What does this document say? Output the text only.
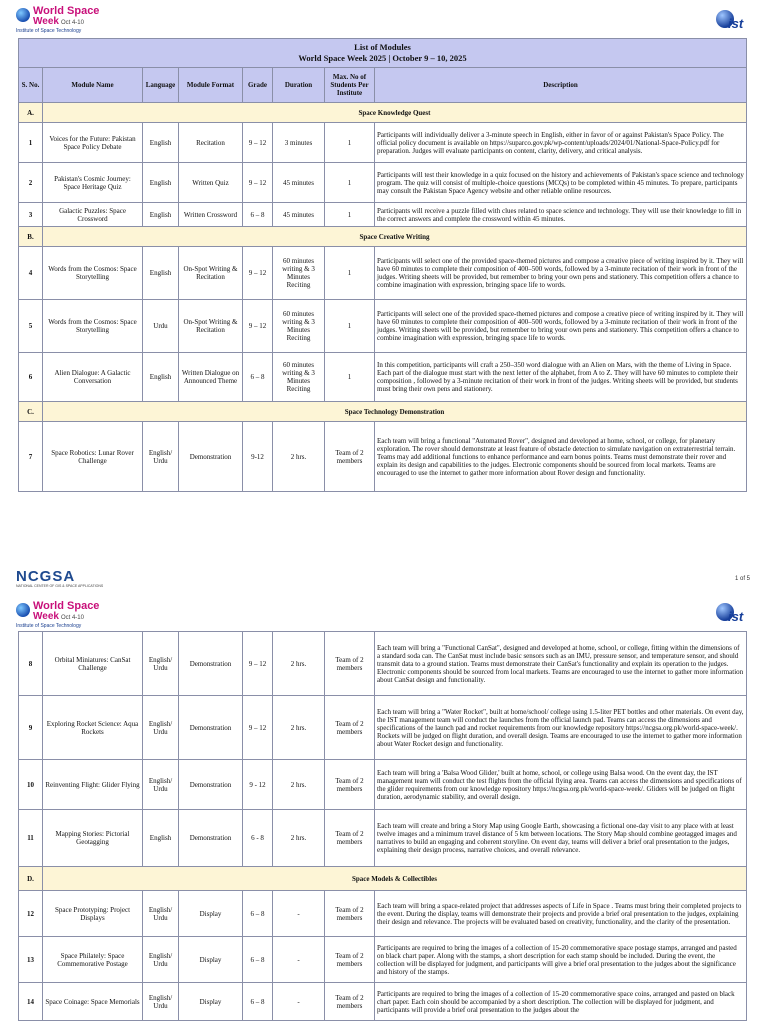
World Space
Week Oct 4-10
Institute of Space Technology	ist
List of Modules
World Space Week 2025 | October 9 – 10, 2025							

S. No.	Module Name	Language	Module Format	Grade	Duration	Max. No of Students Per Institute	Description
A.	Space Knowledge Quest						
1	Voices for the Future: Pakistan Space Policy Debate	English	Recitation	9 – 12	3 minutes	1	Participants will individually deliver a 3-minute speech in English, either in favor of or against Pakistan's Space Policy. The official policy document is available on https://suparco.gov.pk/wp-content/uploads/2024/01/National-Space-Policy.pdf for preparation. Judges will evaluate participants on content, clarity, delivery, and critical analysis.
2	Pakistan's Cosmic Journey: Space Heritage Quiz	English	Written Quiz	9 – 12	45 minutes	1	Participants will test their knowledge in a quiz focused on the history and achievements of Pakistan's space science and technology program. The quiz will consist of multiple-choice questions (MCQs) to be completed within 45 minutes. To prepare, participants may consult the Pakistan Space Agency website and other reliable online resources.
3	Galactic Puzzles: Space Crossword	English	Written Crossword	6 – 8	45 minutes	1	Participants will receive a puzzle filled with clues related to space science and technology. They will use their knowledge to fill in the correct answers and complete the crossword within 45 minutes.
B.	Space Creative Writing						
4	Words from the Cosmos: Space Storytelling	English	On-Spot Writing & Recitation	9 – 12	60 minutes writing & 3 Minutes Reciting	1	Participants will select one of the provided space-themed pictures and compose a creative piece of writing inspired by it. They will have 60 minutes to complete their composition of 400–500 words, followed by a 3-minute recitation of their work in front of the judges. Writing sheets will be provided, but remember to bring your own pens and stationery. This competition offers a chance to combine imagination with expression, bringing space life to words.
5	Words from the Cosmos: Space Storytelling	Urdu	On-Spot Writing & Recitation	9 – 12	60 minutes writing & 3 Minutes Reciting	1	Participants will select one of the provided space-themed pictures and compose a creative piece of writing inspired by it. They will have 60 minutes to complete their composition of 400–500 words, followed by a 3-minute recitation of their work in front of the judges. Writing sheets will be provided, but remember to bring your own pens and stationery. This competition offers a chance to combine imagination with expression, bringing space life to words.
6	Alien Dialogue: A Galactic Conversation	English	Written Dialogue on Announced Theme	6 – 8	60 minutes writing & 3 Minutes Reciting	1	In this competition, participants will craft a 250–350 word dialogue with an Alien on Mars, with the theme of Living in Space. Each part of the dialogue must start with the next letter of the alphabet, from A to Z. They will have 60 minutes to complete their composition , followed by a 3-minute recitation of their work in front of the judges. Writing sheets will be provided, but students must bring their own pens and stationery.
C.	Space Technology Demonstration						
7	Space Robotics: Lunar Rover Challenge	English/ Urdu	Demonstration	9-12	2 hrs.	Team of 2 members	Each team will bring a functional "Automated Rover", designed and developed at home, school, or college, for planetary exploration. The rover should demonstrate at least feature of obstacle detection to simulate navigation on extraterrestrial terrain. Teams may add additional functions to enhance performance and earn bonus points. Teams must demonstrate their rover and explain its design and capabilities to the judges. Electronic components should be sourced from local markets. Teams are encouraged to use the internet to gather more information about Rover design and functionality.
NCGSA
NATIONAL CENTER OF GIS & SPACE APPLICATIONS
1 of 5
World Space
Week Oct 4-10
Institute of Space Technology
ist
8	Orbital Miniatures: CanSat Challenge	English/ Urdu	Demonstration	9 – 12	2 hrs.	Team of 2 members	Each team will bring a "Functional CanSat", designed and developed at home, school, or college, fitting within the dimensions of a standard soda can. The CanSat must include basic sensors such as an IMU, pressure sensor, and temperature sensor, and should transmit data to a ground station. Teams must demonstrate their CanSat's functionality and explain its operation to the judges. Electronic components should be sourced from local markets. Teams are encouraged to use the internet to gather more information about CanSat design and functionality.
9	Exploring Rocket Science: Aqua Rockets	English/ Urdu	Demonstration	9 – 12	2 hrs.	Team of 2 members	Each team will bring a "Water Rocket", built at home/school/ college using 1.5-liter PET bottles and other materials. On event day, the IST management team will conduct the launches from the official launch pad. Teams can access the dimensions and specifications of the launch pad and rocket requirements from our knowledge repository https://ncgsa.org.pk/world-space-week/. Rockets will be judged on flight duration, and overall design. Teams are encouraged to use the internet to gather more information about Water Rocket design and functionality.
10	Reinventing Flight: Glider Flying	English/ Urdu	Demonstration	9 - 12	2 hrs.	Team of 2 members	Each team will bring a 'Balsa Wood Glider,' built at home, school, or college using Balsa wood. On the event day, the IST management team will conduct the test flights from the official flying area. Teams can access the dimensions and specifications of the glider requirements from our knowledge repository https://ncgsa.org.pk/world-space-week/. Gliders will be judged on flight duration, aerodynamic stability, and overall design.
11	Mapping Stories: Pictorial Geotagging	English	Demonstration	6 - 8	2 hrs.	Team of 2 members	Each team will create and bring a Story Map using Google Earth, showcasing a fictional one-day visit to any place with at least twelve images and a minimum travel distance of 5 km between locations. The Story Map should combine geotagged images and narratives to build an engaging and coherent storyline. On event day, teams will deliver a brief oral presentation to the judges, explaining their design process, narrative choices, and overall relevance.
D.	Space Models & Collectibles						
12	Space Prototyping: Project Displays	English/ Urdu	Display	6 – 8	-	Team of 2 members	Each team will bring a space-related project that addresses aspects of Life in Space . Teams must bring their completed projects to the event. During the display, teams will demonstrate their projects and provide a brief oral presentation to the judges, explaining their design and relevance. The projects will be evaluated based on creativity, functionality, and the clarity of the presentation.
13	Space Philately: Space Commemorative Postage	English/ Urdu	Display	6 – 8	-	Team of 2 members	Participants are required to bring the images of a collection of 15-20 commemorative space postage stamps, arranged and pasted on black chart paper. Along with the stamps, a short description for each stamp should be included. During the event, the collection will be displayed for judgment, and participants will give a brief oral presentation to the judges about the significance and history of the stamps.
14	Space Coinage: Space Memorials	English/ Urdu	Display	6 – 8	-	Team of 2 members	Participants are required to bring the images of a collection of 15-20 commemorative space coins, arranged and pasted on black chart paper. Each coin should be accompanied by a short description. The collection will be displayed for judgment, and participants will provide a brief oral presentation to the judges about the
